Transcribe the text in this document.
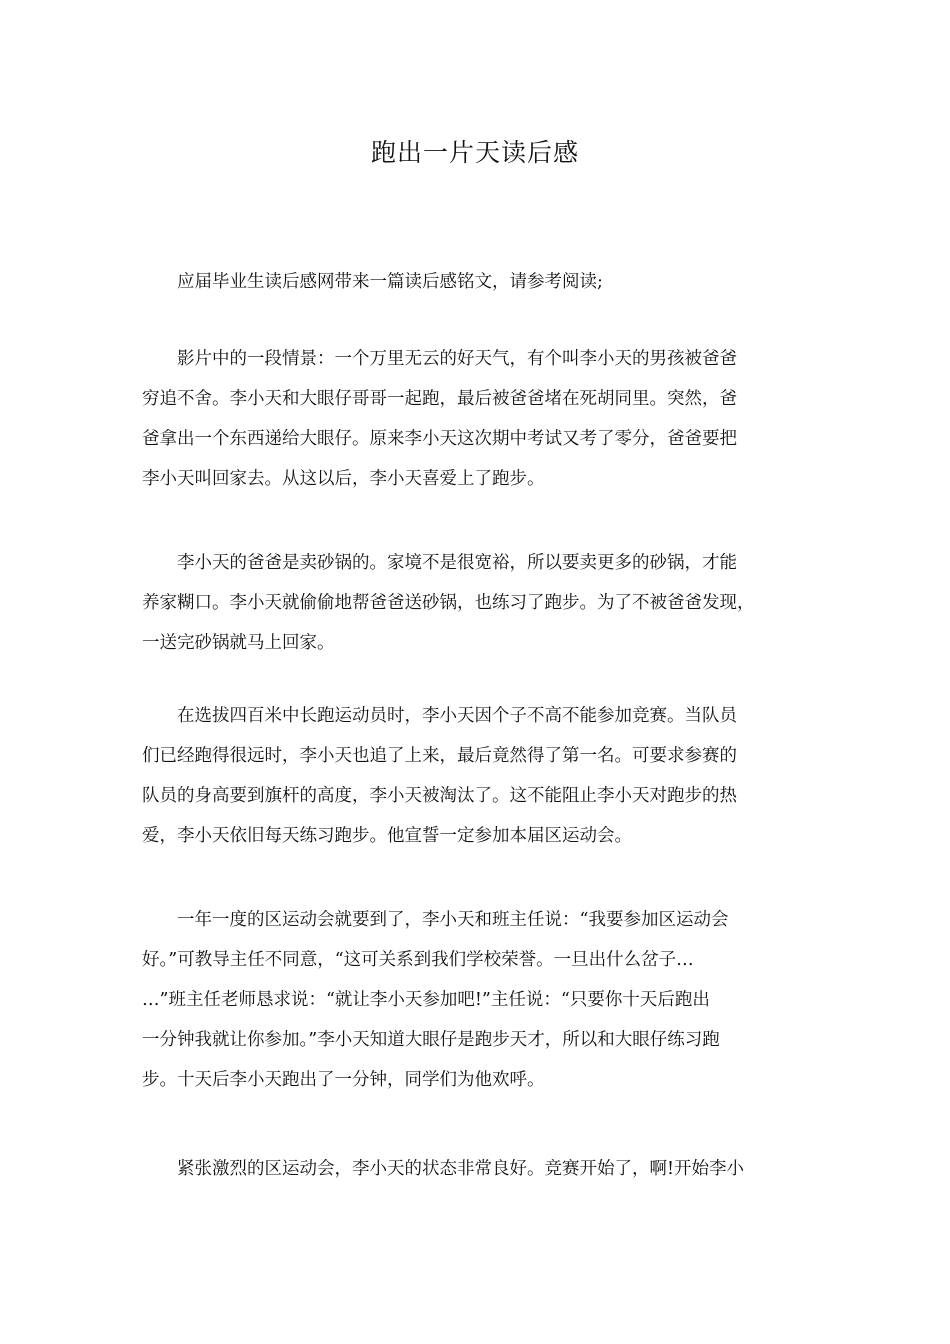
跑出一片天读后感
应届毕业生读后感网带来一篇读后感铭文，请参考阅读;
影片中的一段情景：一个万里无云的好天气，有个叫李小天的男孩被爸爸
穷追不舍。李小天和大眼仔哥哥一起跑，最后被爸爸堵在死胡同里。突然，爸
爸拿出一个东西递给大眼仔。原来李小天这次期中考试又考了零分，爸爸要把
李小天叫回家去。从这以后，李小天喜爱上了跑步。
李小天的爸爸是卖砂锅的。家境不是很宽裕，所以要卖更多的砂锅，才能
养家糊口。李小天就偷偷地帮爸爸送砂锅，也练习了跑步。为了不被爸爸发现，
一送完砂锅就马上回家。
在选拔四百米中长跑运动员时，李小天因个子不高不能参加竞赛。当队员
们已经跑得很远时，李小天也追了上来，最后竟然得了第一名。可要求参赛的
队员的身高要到旗杆的高度，李小天被淘汰了。这不能阻止李小天对跑步的热
爱，李小天依旧每天练习跑步。他宣誓一定参加本届区运动会。
一年一度的区运动会就要到了，李小天和班主任说：“我要参加区运动会
好。”可教导主任不同意，“这可关系到我们学校荣誉。一旦出什么岔子…
…”班主任老师恳求说：“就让李小天参加吧!”主任说：“只要你十天后跑出
一分钟我就让你参加。”李小天知道大眼仔是跑步天才，所以和大眼仔练习跑
步。十天后李小天跑出了一分钟，同学们为他欢呼。
紧张激烈的区运动会，李小天的状态非常良好。竞赛开始了，啊!开始李小
